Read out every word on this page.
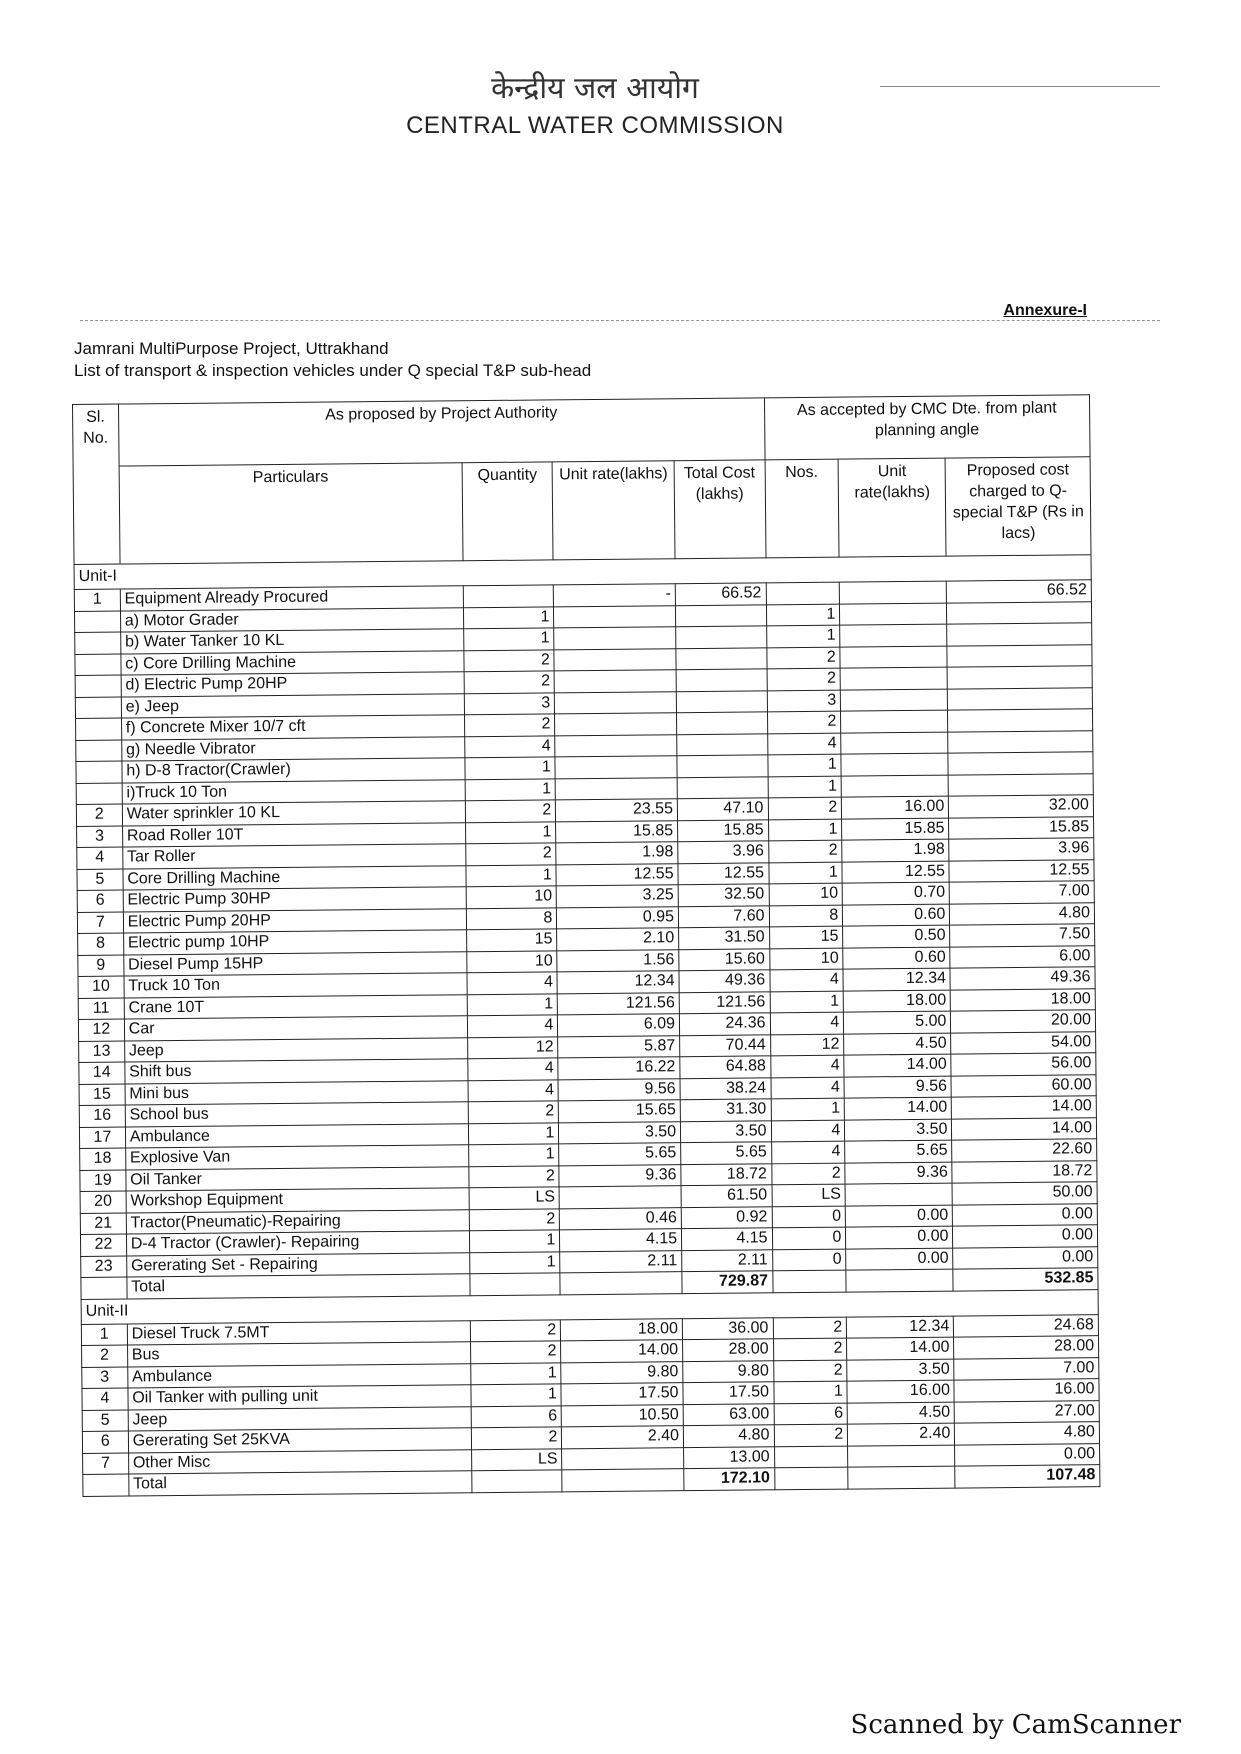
केन्द्रीय जल आयोग
CENTRAL WATER COMMISSION
Annexure-I
Jamrani MultiPurpose Project, Uttrakhand
List of transport & inspection vehicles under Q special T&P sub-head
Sl. No.	As proposed by Project Authority				As accepted by CMC Dte. from plant planning angle		
	Particulars	Quantity	Unit rate(lakhs)	Total Cost (lakhs)	Nos.	Unit rate(lakhs)	Proposed cost charged to Q-special T&P (Rs in lacs)
Unit-I							
1	Equipment Already Procured		-	66.52			66.52
	a) Motor Grader	1			1		
	b) Water Tanker 10 KL	1			1		
	c) Core Drilling Machine	2			2		
	d) Electric Pump 20HP	2			2		
	e) Jeep	3			3		
	f) Concrete Mixer 10/7 cft	2			2		
	g) Needle Vibrator	4			4		
	h) D-8 Tractor(Crawler)	1			1		
	i)Truck 10 Ton	1			1		
2	Water sprinkler 10 KL	2	23.55	47.10	2	16.00	32.00
3	Road Roller 10T	1	15.85	15.85	1	15.85	15.85
4	Tar Roller	2	1.98	3.96	2	1.98	3.96
5	Core Drilling Machine	1	12.55	12.55	1	12.55	12.55
6	Electric Pump 30HP	10	3.25	32.50	10	0.70	7.00
7	Electric Pump 20HP	8	0.95	7.60	8	0.60	4.80
8	Electric pump 10HP	15	2.10	31.50	15	0.50	7.50
9	Diesel Pump 15HP	10	1.56	15.60	10	0.60	6.00
10	Truck 10 Ton	4	12.34	49.36	4	12.34	49.36
11	Crane 10T	1	121.56	121.56	1	18.00	18.00
12	Car	4	6.09	24.36	4	5.00	20.00
13	Jeep	12	5.87	70.44	12	4.50	54.00
14	Shift bus	4	16.22	64.88	4	14.00	56.00
15	Mini bus	4	9.56	38.24	4	9.56	60.00
16	School bus	2	15.65	31.30	1	14.00	14.00
17	Ambulance	1	3.50	3.50	4	3.50	14.00
18	Explosive Van	1	5.65	5.65	4	5.65	22.60
19	Oil Tanker	2	9.36	18.72	2	9.36	18.72
20	Workshop Equipment	LS		61.50	LS		50.00
21	Tractor(Pneumatic)-Repairing	2	0.46	0.92	0	0.00	0.00
22	D-4 Tractor (Crawler)- Repairing	1	4.15	4.15	0	0.00	0.00
23	Gererating Set - Repairing	1	2.11	2.11	0	0.00	0.00
	Total			729.87			532.85
Unit-II							
1	Diesel Truck 7.5MT	2	18.00	36.00	2	12.34	24.68
2	Bus	2	14.00	28.00	2	14.00	28.00
3	Ambulance	1	9.80	9.80	2	3.50	7.00
4	Oil Tanker with pulling unit	1	17.50	17.50	1	16.00	16.00
5	Jeep	6	10.50	63.00	6	4.50	27.00
6	Gererating Set 25KVA	2	2.40	4.80	2	2.40	4.80
7	Other Misc	LS		13.00			0.00
	Total			172.10			107.48
Scanned by CamScanner
